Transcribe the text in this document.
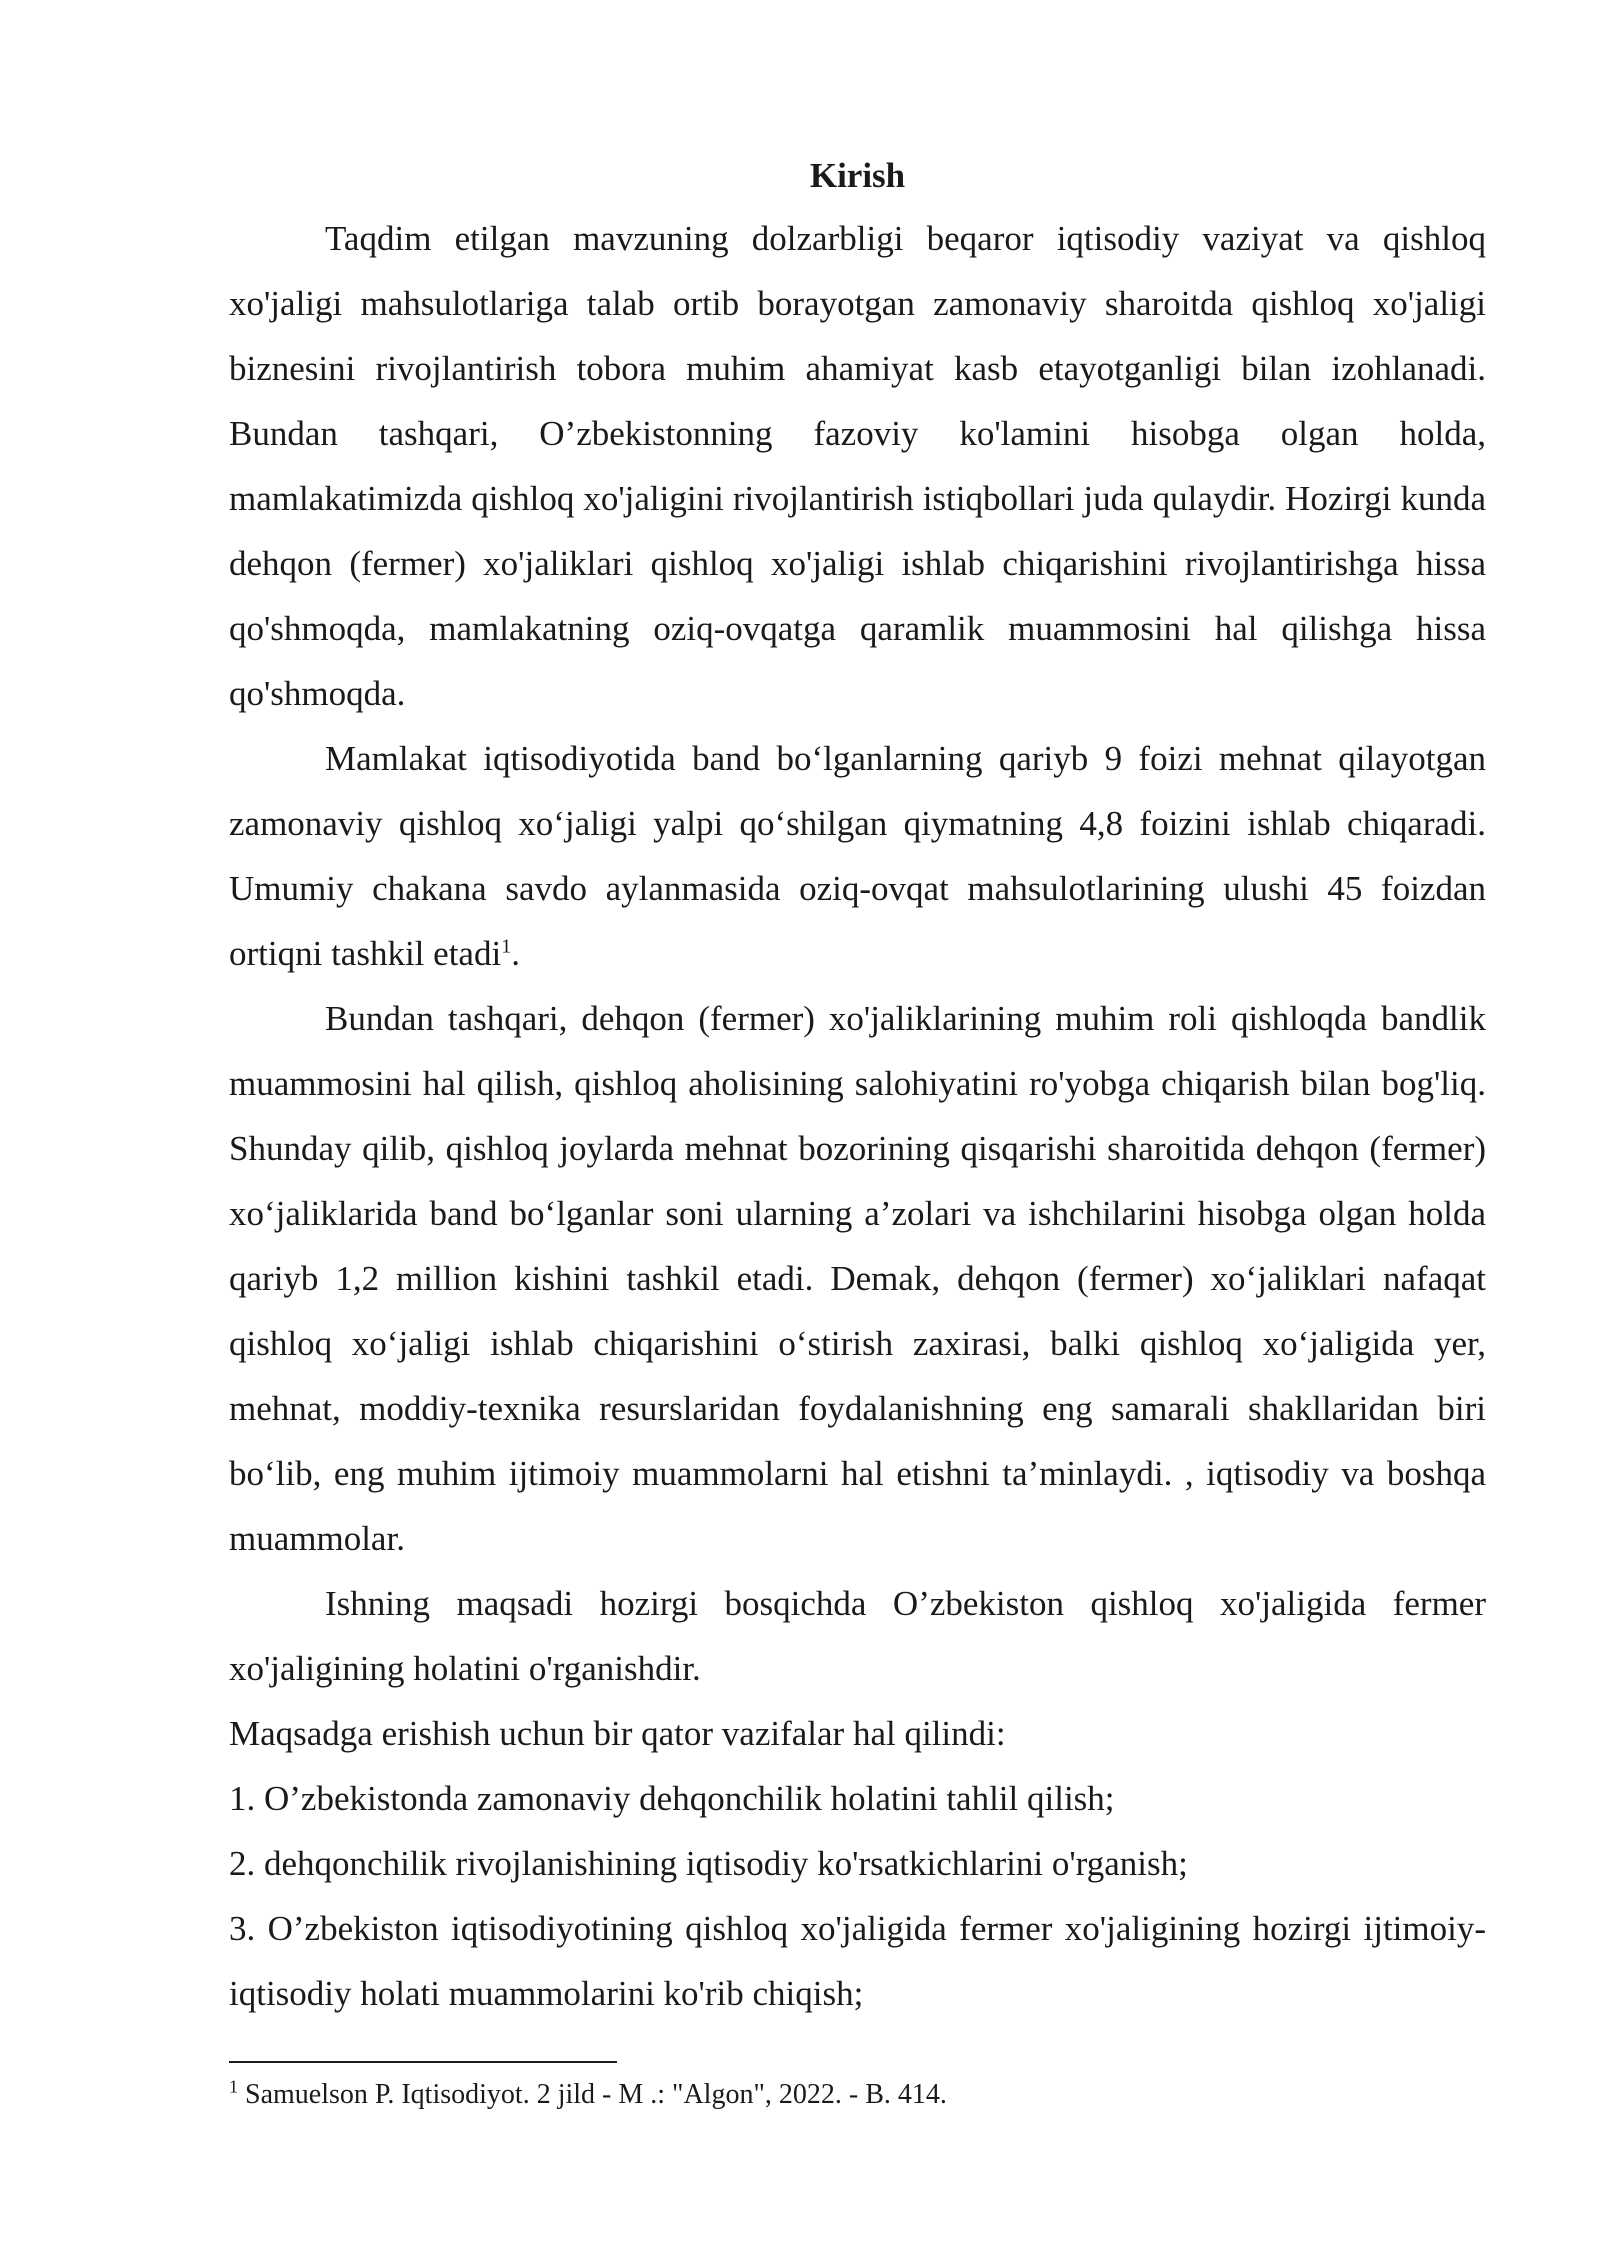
Kirish

Taqdim etilgan mavzuning dolzarbligi beqaror iqtisodiy vaziyat va qishloq xo'jaligi mahsulotlariga talab ortib borayotgan zamonaviy sharoitda qishloq xo'jaligi biznesini rivojlantirish tobora muhim ahamiyat kasb etayotganligi bilan izohlanadi. Bundan tashqari, O’zbekistonning fazoviy ko'lamini hisobga olgan holda, mamlakatimizda qishloq xo'jaligini rivojlantirish istiqbollari juda qulaydir. Hozirgi kunda dehqon (fermer) xo'jaliklari qishloq xo'jaligi ishlab chiqarishini rivojlantirishga hissa qo'shmoqda, mamlakatning oziq-ovqatga qaramlik muammosini hal qilishga hissa qo'shmoqda.

Mamlakat iqtisodiyotida band bo‘lganlarning qariyb 9 foizi mehnat qilayotgan zamonaviy qishloq xo‘jaligi yalpi qo‘shilgan qiymatning 4,8 foizini ishlab chiqaradi. Umumiy chakana savdo aylanmasida oziq-ovqat mahsulotlarining ulushi 45 foizdan ortiqni tashkil etadi$^1$.

Bundan tashqari, dehqon (fermer) xo'jaliklarining muhim roli qishloqda bandlik muammosini hal qilish, qishloq aholisining salohiyatini ro'yobga chiqarish bilan bog'liq. Shunday qilib, qishloq joylarda mehnat bozorining qisqarishi sharoitida dehqon (fermer) xo‘jaliklarida band bo‘lganlar soni ularning a’zolari va ishchilarini hisobga olgan holda qariyb 1,2 million kishini tashkil etadi. Demak, dehqon (fermer) xo‘jaliklari nafaqat qishloq xo‘jaligi ishlab chiqarishini o‘stirish zaxirasi, balki qishloq xo‘jaligida yer, mehnat, moddiy-texnika resurslaridan foydalanishning eng samarali shakllaridan biri bo‘lib, eng muhim ijtimoiy muammolarni hal etishni ta’minlaydi. , iqtisodiy va boshqa muammolar.

Ishning maqsadi hozirgi bosqichda O’zbekiston qishloq xo'jaligida fermer xo'jaligining holatini o'rganishdir.

Maqsadga erishish uchun bir qator vazifalar hal qilindi:

1. O’zbekistonda zamonaviy dehqonchilik holatini tahlil qilish;

2. dehqonchilik rivojlanishining iqtisodiy ko'rsatkichlarini o'rganish;

3. O’zbekiston iqtisodiyotining qishloq xo'jaligida fermer xo'jaligining hozirgi ijtimoiy-iqtisodiy holati muammolarini ko'rib chiqish;

$^1$ Samuelson P. Iqtisodiyot. 2 jild - M .: "Algon", 2022. - B. 414.
